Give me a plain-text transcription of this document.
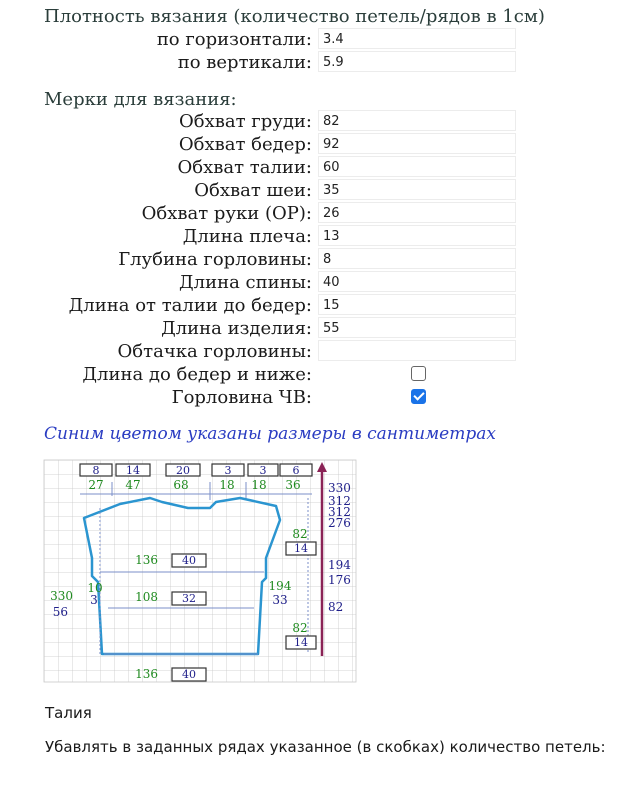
Плотность вязания (количество петель/рядов в 1см)
по горизонтали: 3.4
по вертикали: 5.9
Мерки для вязания:
Обхват груди: 82
Обхват бедер: 92
Обхват талии: 60
Обхват шеи: 35
Обхват руки (ОР): 26
Длина плеча: 13
Глубина горловины: 8
Длина спины: 40
Длина от талии до бедер: 15
Длина изделия: 55
Обтачка горловины:
Длина до бедер и ниже:
Горловина ЧВ:
Синим цветом указаны размеры в сантиметрах
8 14	20	3	3 6
27 47	68	18 18 36
136 40
108 32
136 40
330
56
10
3
194
33
82
14
82
14
330
312
312
276
194
176
82
Талия
Убавлять в заданных рядах указанное (в скобках) количество петель:
